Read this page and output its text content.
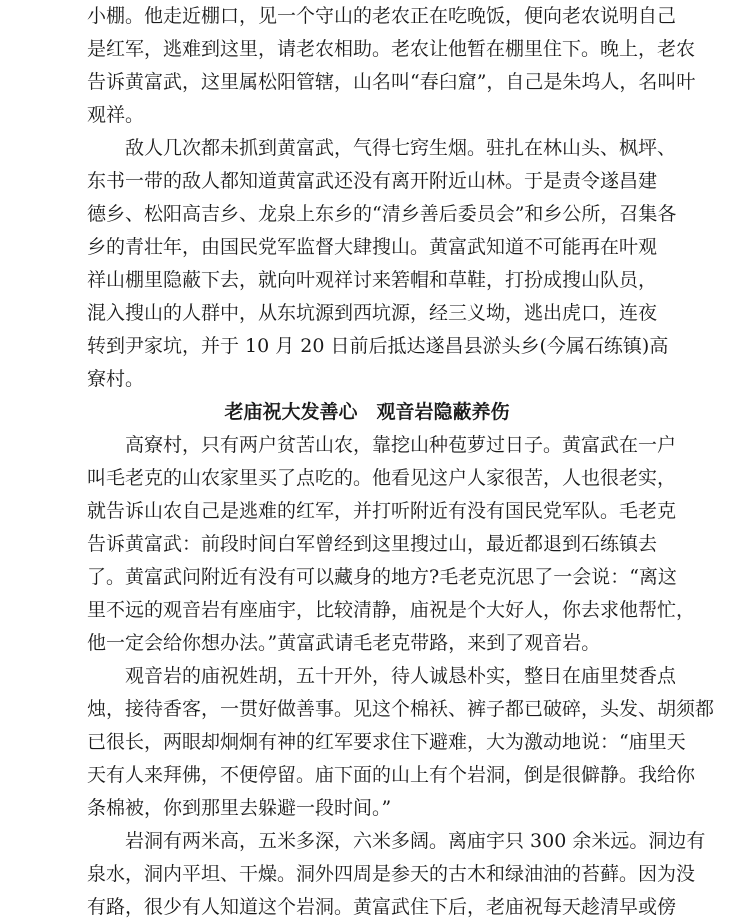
小棚。他走近棚口，见一个守山的老农正在吃晚饭，便向老农说明自己
是红军，逃难到这里，请老农相助。老农让他暂在棚里住下。晚上，老农
告诉黄富武，这里属松阳管辖，山名叫“春臼窟”，自己是朱坞人，名叫叶
观祥。
敌人几次都未抓到黄富武，气得七窍生烟。驻扎在林山头、枫坪、
东书一带的敌人都知道黄富武还没有离开附近山林。于是责令遂昌建
德乡、松阳高吉乡、龙泉上东乡的“清乡善后委员会”和乡公所，召集各
乡的青壮年，由国民党军监督大肆搜山。黄富武知道不可能再在叶观
祥山棚里隐蔽下去，就向叶观祥讨来箬帽和草鞋，打扮成搜山队员，
混入搜山的人群中，从东坑源到西坑源，经三义坳，逃出虎口，连夜
转到尹家坑，并于 10 月 20 日前后抵达遂昌县淤头乡(今属石练镇)高
寮村。
老庙祝大发善心　观音岩隐蔽养伤
高寮村，只有两户贫苦山农，靠挖山种苞萝过日子。黄富武在一户
叫毛老克的山农家里买了点吃的。他看见这户人家很苦，人也很老实，
就告诉山农自己是逃难的红军，并打听附近有没有国民党军队。毛老克
告诉黄富武：前段时间白军曾经到这里搜过山，最近都退到石练镇去
了。黄富武问附近有没有可以藏身的地方?毛老克沉思了一会说：“离这
里不远的观音岩有座庙宇，比较清静，庙祝是个大好人，你去求他帮忙，
他一定会给你想办法。”黄富武请毛老克带路，来到了观音岩。
观音岩的庙祝姓胡，五十开外，待人诚恳朴实，整日在庙里焚香点
烛，接待香客，一贯好做善事。见这个棉袄、裤子都已破碎，头发、胡须都
已很长，两眼却炯炯有神的红军要求住下避难，大为激动地说：“庙里天
天有人来拜佛，不便停留。庙下面的山上有个岩洞，倒是很僻静。我给你
条棉被，你到那里去躲避一段时间。”
岩洞有两米高，五米多深，六米多阔。离庙宇只 300 余米远。洞边有
泉水，洞内平坦、干燥。洞外四周是参天的古木和绿油油的苔藓。因为没
有路，很少有人知道这个岩洞。黄富武住下后，老庙祝每天趁清早或傍
